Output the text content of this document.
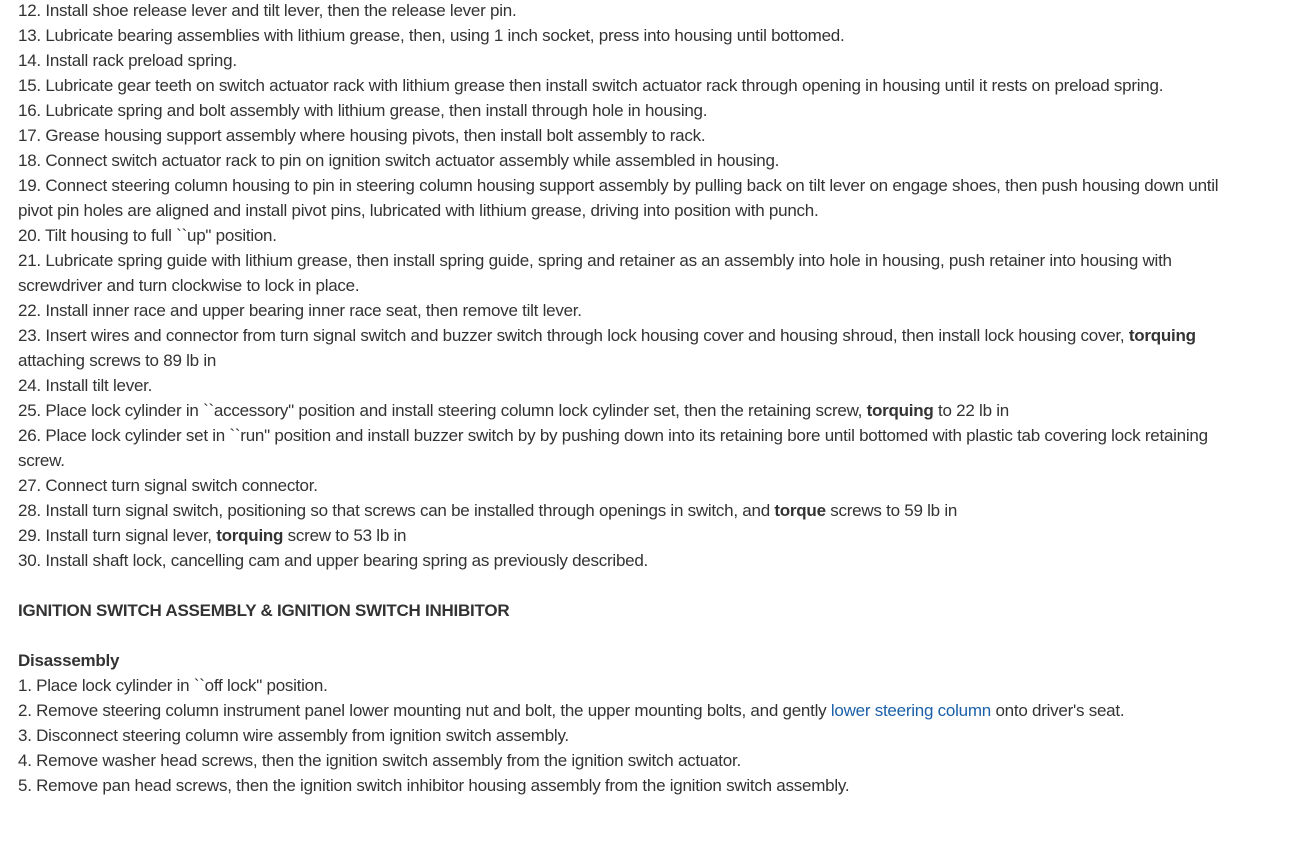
12. Install shoe release lever and tilt lever, then the release lever pin.
13. Lubricate bearing assemblies with lithium grease, then, using 1 inch socket, press into housing until bottomed.
14. Install rack preload spring.
15. Lubricate gear teeth on switch actuator rack with lithium grease then install switch actuator rack through opening in housing until it rests on preload spring.
16. Lubricate spring and bolt assembly with lithium grease, then install through hole in housing.
17. Grease housing support assembly where housing pivots, then install bolt assembly to rack.
18. Connect switch actuator rack to pin on ignition switch actuator assembly while assembled in housing.
19. Connect steering column housing to pin in steering column housing support assembly by pulling back on tilt lever on engage shoes, then push housing down until pivot pin holes are aligned and install pivot pins, lubricated with lithium grease, driving into position with punch.
20. Tilt housing to full ``up" position.
21. Lubricate spring guide with lithium grease, then install spring guide, spring and retainer as an assembly into hole in housing, push retainer into housing with screwdriver and turn clockwise to lock in place.
22. Install inner race and upper bearing inner race seat, then remove tilt lever.
23. Insert wires and connector from turn signal switch and buzzer switch through lock housing cover and housing shroud, then install lock housing cover, torquing attaching screws to 89 lb in
24. Install tilt lever.
25. Place lock cylinder in ``accessory" position and install steering column lock cylinder set, then the retaining screw, torquing to 22 lb in
26. Place lock cylinder set in ``run" position and install buzzer switch by by pushing down into its retaining bore until bottomed with plastic tab covering lock retaining screw.
27. Connect turn signal switch connector.
28. Install turn signal switch, positioning so that screws can be installed through openings in switch, and torque screws to 59 lb in
29. Install turn signal lever, torquing screw to 53 lb in
30. Install shaft lock, cancelling cam and upper bearing spring as previously described.
IGNITION SWITCH ASSEMBLY & IGNITION SWITCH INHIBITOR
Disassembly
1. Place lock cylinder in ``off lock" position.
2. Remove steering column instrument panel lower mounting nut and bolt, the upper mounting bolts, and gently lower steering column onto driver's seat.
3. Disconnect steering column wire assembly from ignition switch assembly.
4. Remove washer head screws, then the ignition switch assembly from the ignition switch actuator.
5. Remove pan head screws, then the ignition switch inhibitor housing assembly from the ignition switch assembly.
